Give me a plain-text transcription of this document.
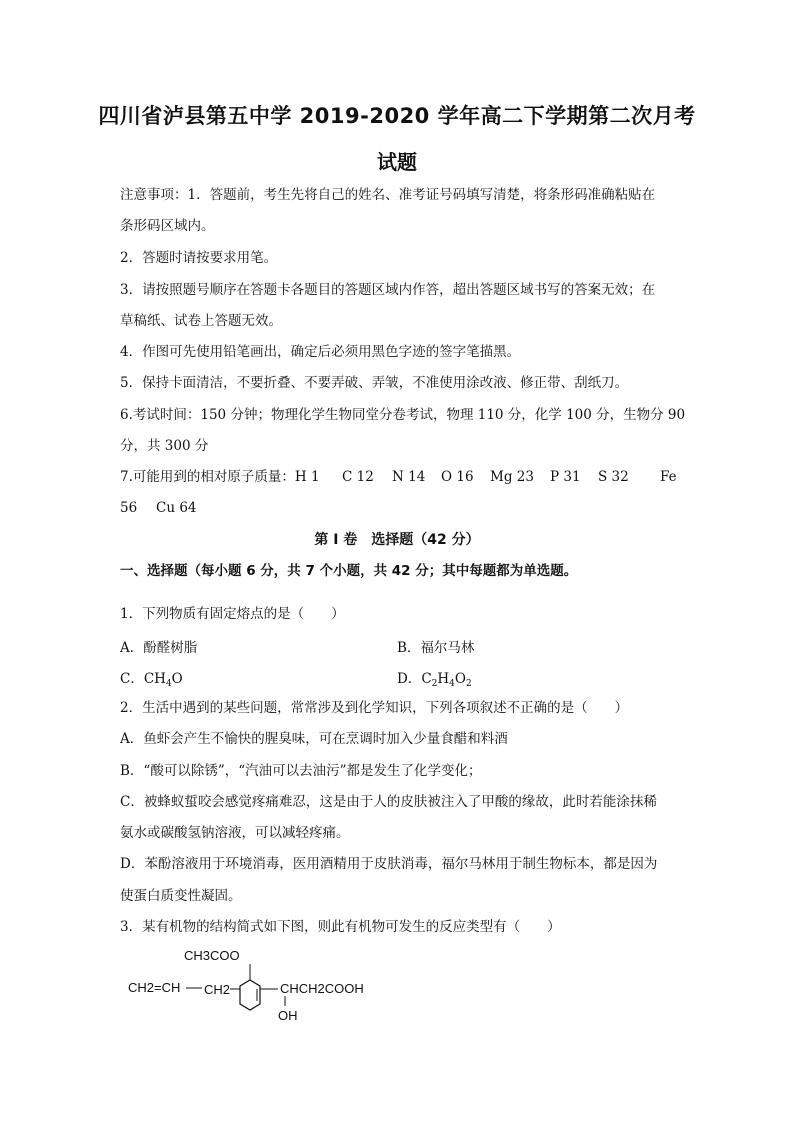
四川省泸县第五中学 2019-2020 学年高二下学期第二次月考
试题
注意事项：1．答题前，考生先将自己的姓名、准考证号码填写清楚，将条形码准确粘贴在
条形码区域内。
2．答题时请按要求用笔。
3．请按照题号顺序在答题卡各题目的答题区域内作答，超出答题区域书写的答案无效；在
草稿纸、试卷上答题无效。
4．作图可先使用铅笔画出，确定后必须用黑色字迹的签字笔描黑。
5．保持卡面清洁，不要折叠、不要弄破、弄皱，不准使用涂改液、修正带、刮纸刀。
6.考试时间：150 分钟；物理化学生物同堂分卷考试，物理 110 分，化学 100 分，生物分 90
分，共 300 分
7.可能用到的相对原子质量：H 1 C 12 N 14 O 16 Mg 23 P 31 S 32 Fe
56 Cu 64
第 I 卷　选择题（42 分）
一、选择题（每小题 6 分，共 7 个小题，共 42 分；其中每题都为单选题。
1．下列物质有固定熔点的是（　　）
A．酚醛树脂	B．福尔马林
C．$CH_4O$	D．$C_2H_4O_2$
2．生活中遇到的某些问题，常常涉及到化学知识，下列各项叙述不正确的是（　　）
A．鱼虾会产生不愉快的腥臭味，可在烹调时加入少量食醋和料酒
B．“酸可以除锈”，“汽油可以去油污”都是发生了化学变化；
C．被蜂蚁蜇咬会感觉疼痛难忍，这是由于人的皮肤被注入了甲酸的缘故，此时若能涂抹稀
氨水或碳酸氢钠溶液，可以减轻疼痛。
D．苯酚溶液用于环境消毒，医用酒精用于皮肤消毒，福尔马林用于制生物标本，都是因为
使蛋白质变性凝固。
3．某有机物的结构简式如下图，则此有机物可发生的反应类型有（　　）
CH3COO
CH2=CH CH2	CHCH2COOH
OH
